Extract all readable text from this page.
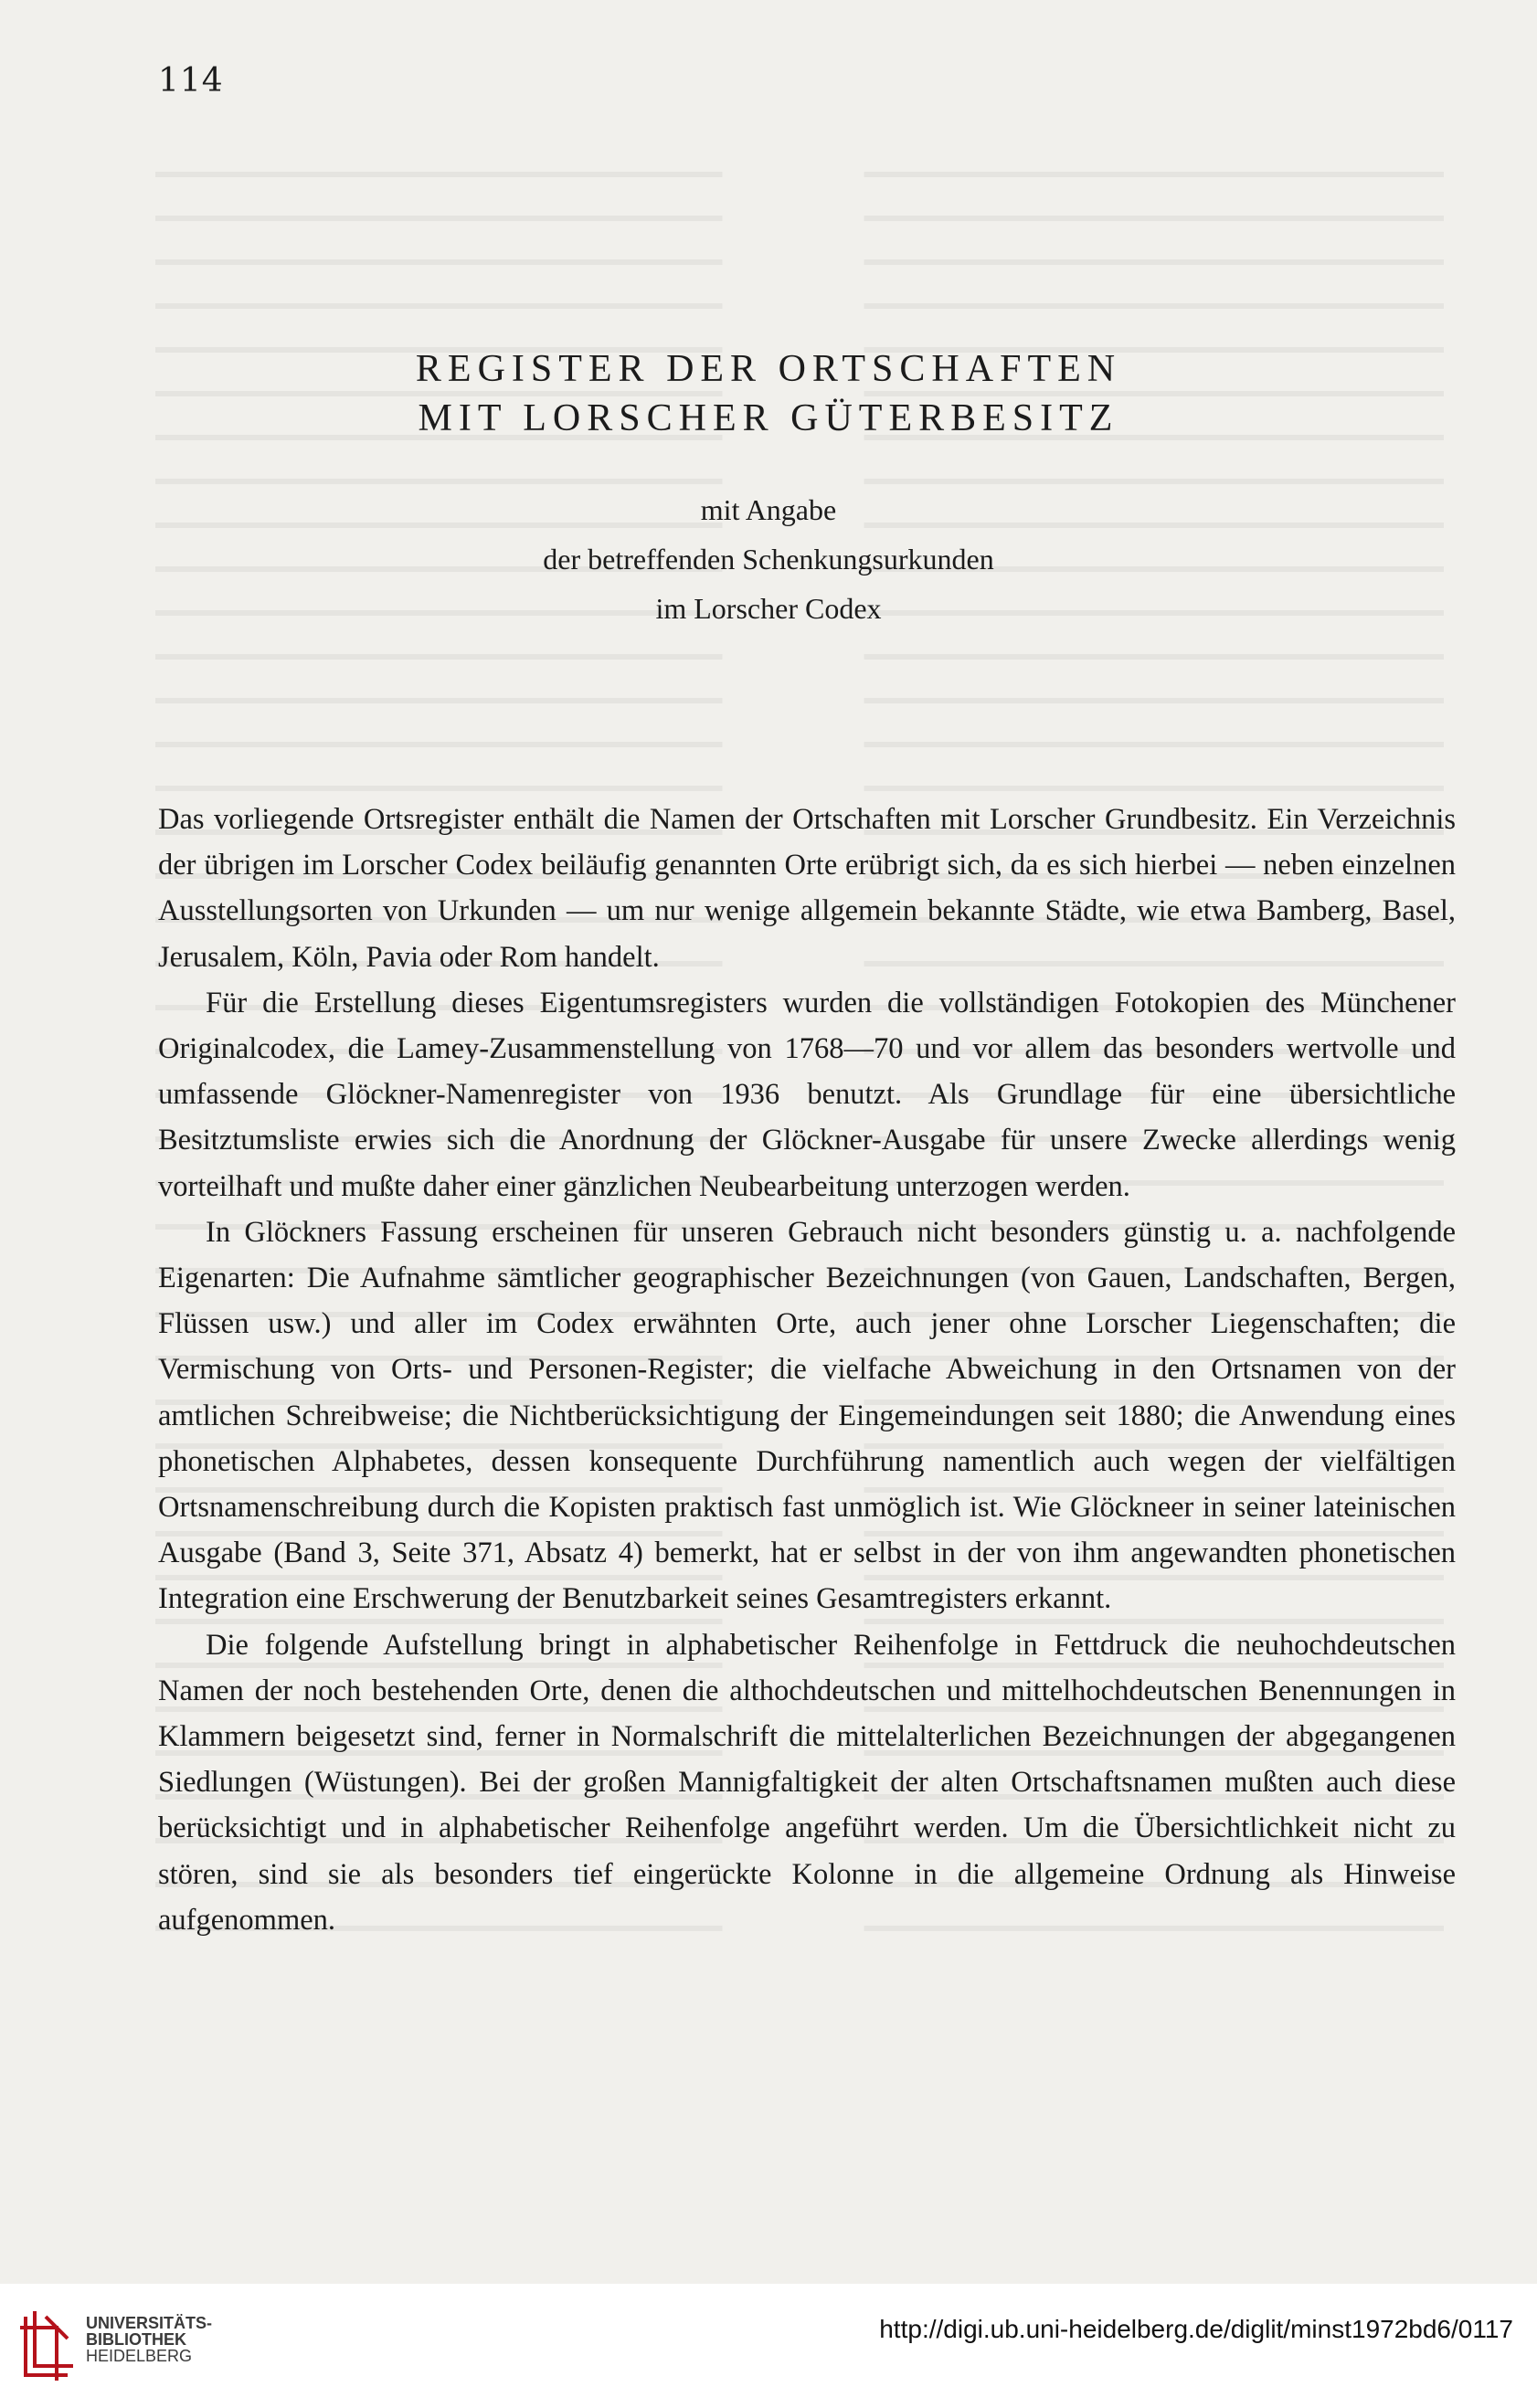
114
REGISTER DER ORTSCHAFTEN
MIT LORSCHER GÜTERBESITZ
mit Angabe
der betreffenden Schenkungsurkunden
im Lorscher Codex

Das vorliegende Ortsregister enthält die Namen der Ortschaften mit Lorscher Grundbesitz. Ein Verzeichnis der übrigen im Lorscher Codex beiläufig genannten Orte erübrigt sich, da es sich hierbei — neben einzelnen Ausstellungsorten von Urkunden — um nur wenige allgemein bekannte Städte, wie etwa Bamberg, Basel, Jerusalem, Köln, Pavia oder Rom handelt.

Für die Erstellung dieses Eigentumsregisters wurden die vollständigen Fotokopien des Münchener Originalcodex, die Lamey-Zusammenstellung von 1768—70 und vor allem das besonders wertvolle und umfassende Glöckner-Namenregister von 1936 benutzt. Als Grundlage für eine übersichtliche Besitztumsliste erwies sich die Anordnung der Glöckner-Ausgabe für unsere Zwecke allerdings wenig vorteilhaft und mußte daher einer gänzlichen Neubearbeitung unterzogen werden.

In Glöckners Fassung erscheinen für unseren Gebrauch nicht besonders günstig u. a. nachfolgende Eigenarten: Die Aufnahme sämtlicher geographischer Bezeichnungen (von Gauen, Landschaften, Bergen, Flüssen usw.) und aller im Codex erwähnten Orte, auch jener ohne Lorscher Liegenschaften; die Vermischung von Orts- und Personen-Register; die vielfache Abweichung in den Ortsnamen von der amtlichen Schreibweise; die Nichtberücksichtigung der Eingemeindungen seit 1880; die Anwendung eines phonetischen Alphabetes, dessen konsequente Durchführung namentlich auch wegen der vielfältigen Ortsnamenschreibung durch die Kopisten praktisch fast unmöglich ist. Wie Glöckneer in seiner lateinischen Ausgabe (Band 3, Seite 371, Absatz 4) bemerkt, hat er selbst in der von ihm angewandten phonetischen Integration eine Erschwerung der Benutzbarkeit seines Gesamtregisters erkannt.

Die folgende Aufstellung bringt in alphabetischer Reihenfolge in Fettdruck die neuhochdeutschen Namen der noch bestehenden Orte, denen die althochdeutschen und mittelhochdeutschen Benennungen in Klammern beigesetzt sind, ferner in Normalschrift die mittelalterlichen Bezeichnungen der abgegangenen Siedlungen (Wüstungen). Bei der großen Mannigfaltigkeit der alten Ortschaftsnamen mußten auch diese berücksichtigt und in alphabetischer Reihenfolge angeführt werden. Um die Übersichtlichkeit nicht zu stören, sind sie als besonders tief eingerückte Kolonne in die allgemeine Ordnung als Hinweise aufgenommen.

UNIVERSITÄTS-
BIBLIOTHEK
HEIDELBERG
http://digi.ub.uni-heidelberg.de/diglit/minst1972bd6/0117
